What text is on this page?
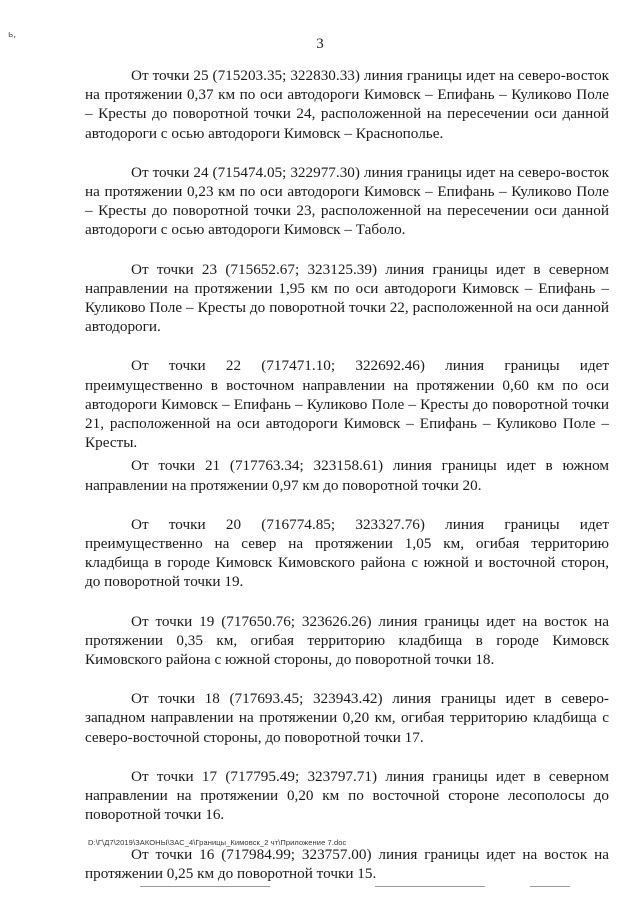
ь,
3

От точки 25 (715203.35; 322830.33) линия границы идет на северо-восток на протяжении 0,37 км по оси автодороги Кимовск – Епифань – Куликово Поле – Кресты до поворотной точки 24, расположенной на пересечении оси данной автодороги с осью автодороги Кимовск – Краснополье.

От точки 24 (715474.05; 322977.30) линия границы идет на северо-восток на протяжении 0,23 км по оси автодороги Кимовск – Епифань – Куликово Поле – Кресты до поворотной точки 23, расположенной на пересечении оси данной автодороги с осью автодороги Кимовск – Таболо.

От точки 23 (715652.67; 323125.39) линия границы идет в северном направлении на протяжении 1,95 км по оси автодороги Кимовск – Епифань – Куликово Поле – Кресты до поворотной точки 22, расположенной на оси данной автодороги.

От точки 22 (717471.10; 322692.46) линия границы идет преимущественно в восточном направлении на протяжении 0,60 км по оси автодороги Кимовск – Епифань – Куликово Поле – Кресты до поворотной точки 21, расположенной на оси автодороги Кимовск – Епифань – Куликово Поле – Кресты.

От точки 21 (717763.34; 323158.61) линия границы идет в южном направлении на протяжении 0,97 км до поворотной точки 20.

От точки 20 (716774.85; 323327.76) линия границы идет преимущественно на север на протяжении 1,05 км, огибая территорию кладбища в городе Кимовск Кимовского района с южной и восточной сторон, до поворотной точки 19.

От точки 19 (717650.76; 323626.26) линия границы идет на восток на протяжении 0,35 км, огибая территорию кладбища в городе Кимовск Кимовского района с южной стороны, до поворотной точки 18.

От точки 18 (717693.45; 323943.42) линия границы идет в северо-западном направлении на протяжении 0,20 км, огибая территорию кладбища с северо-восточной стороны, до поворотной точки 17.

От точки 17 (717795.49; 323797.71) линия границы идет в северном направлении на протяжении 0,20 км по восточной стороне лесополосы до поворотной точки 16.

От точки 16 (717984.99; 323757.00) линия границы идет на восток на протяжении 0,25 км до поворотной точки 15.

D:\Г\Д7\2019\ЗАКОНЫ\ЗАС_4\Границы_Кимовск_2 чт\Приложение 7.doc
